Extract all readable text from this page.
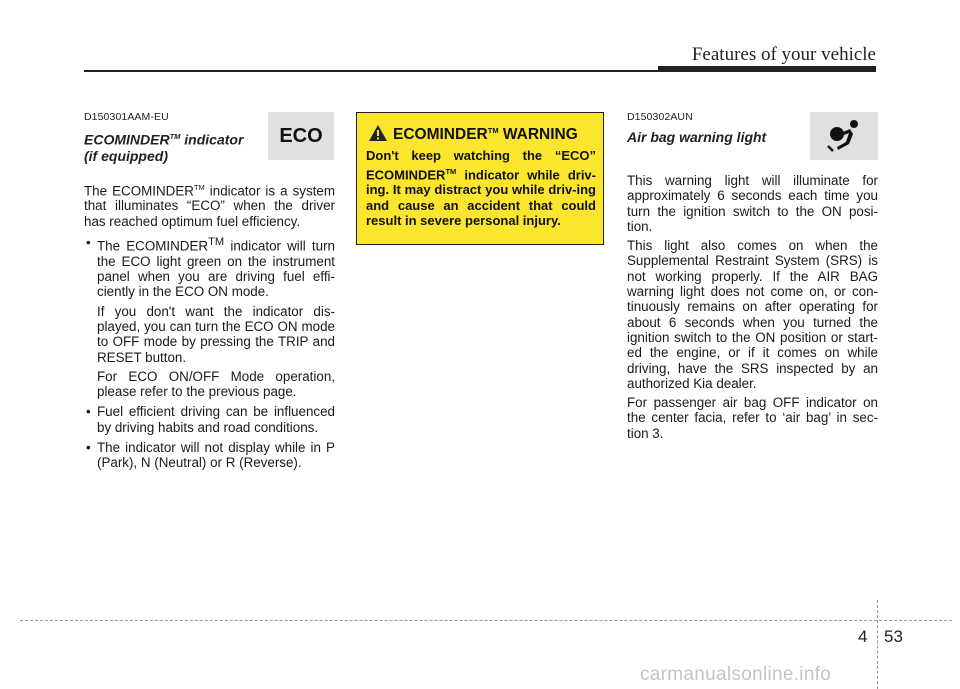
Features of your vehicle
D150301AAM-EU
ECOMINDER™ indicator
(if equipped)

The ECOMINDER™ indicator is a system that illuminates “ECO” when the driver has reached optimum fuel efficiency.

• The ECOMINDER™ indicator will turn the ECO light green on the instrument panel when you are driving fuel effi-ciently in the ECO ON mode.
If you don't want the indicator dis-played, you can turn the ECO ON mode to OFF mode by pressing the TRIP and RESET button.
For ECO ON/OFF Mode operation, please refer to the previous page.
• Fuel efficient driving can be influenced by driving habits and road conditions.
• The indicator will not display while in P (Park), N (Neutral) or R (Reverse).
ECO	ECOMINDER™ WARNING
Don't keep watching the “ECO” ECOMINDER™ indicator while driv-ing. It may distract you while driv-ing and cause an accident that could result in severe personal injury.
D150302AUN
Air bag warning light

This warning light will illuminate for approximately 6 seconds each time you turn the ignition switch to the ON posi-tion.

This light also comes on when the Supplemental Restraint System (SRS) is not working properly. If the AIR BAG warning light does not come on, or con-tinuously remains on after operating for about 6 seconds when you turned the ignition switch to the ON position or start-ed the engine, or if it comes on while driving, have the SRS inspected by an authorized Kia dealer.

For passenger air bag OFF indicator on the center facia, refer to ‘air bag’ in sec-tion 3.

4 53
carmanualsonline.info
